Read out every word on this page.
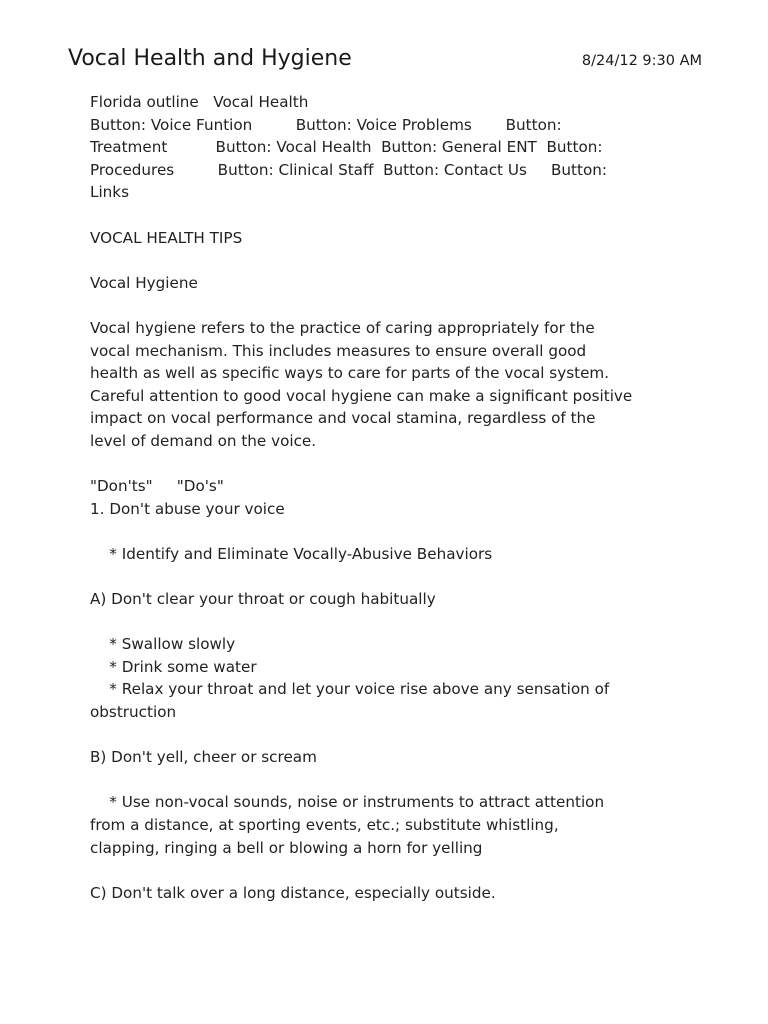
Vocal Health and Hygiene	8/24/12 9:30 AM
Florida outline   Vocal Health
Button: Voice Funtion         Button: Voice Problems       Button:
Treatment          Button: Vocal Health  Button: General ENT  Button:
Procedures         Button: Clinical Staff  Button: Contact Us     Button:
Links
VOCAL HEALTH TIPS
Vocal Hygiene
Vocal hygiene refers to the practice of caring appropriately for the
vocal mechanism. This includes measures to ensure overall good
health as well as specific ways to care for parts of the vocal system.
Careful attention to good vocal hygiene can make a significant positive
impact on vocal performance and vocal stamina, regardless of the
level of demand on the voice.
"Don'ts"     "Do's"
1. Don't abuse your voice
* Identify and Eliminate Vocally-Abusive Behaviors
A) Don't clear your throat or cough habitually
* Swallow slowly
* Drink some water
* Relax your throat and let your voice rise above any sensation of
obstruction
B) Don't yell, cheer or scream
* Use non-vocal sounds, noise or instruments to attract attention
from a distance, at sporting events, etc.; substitute whistling,
clapping, ringing a bell or blowing a horn for yelling
C) Don't talk over a long distance, especially outside.
